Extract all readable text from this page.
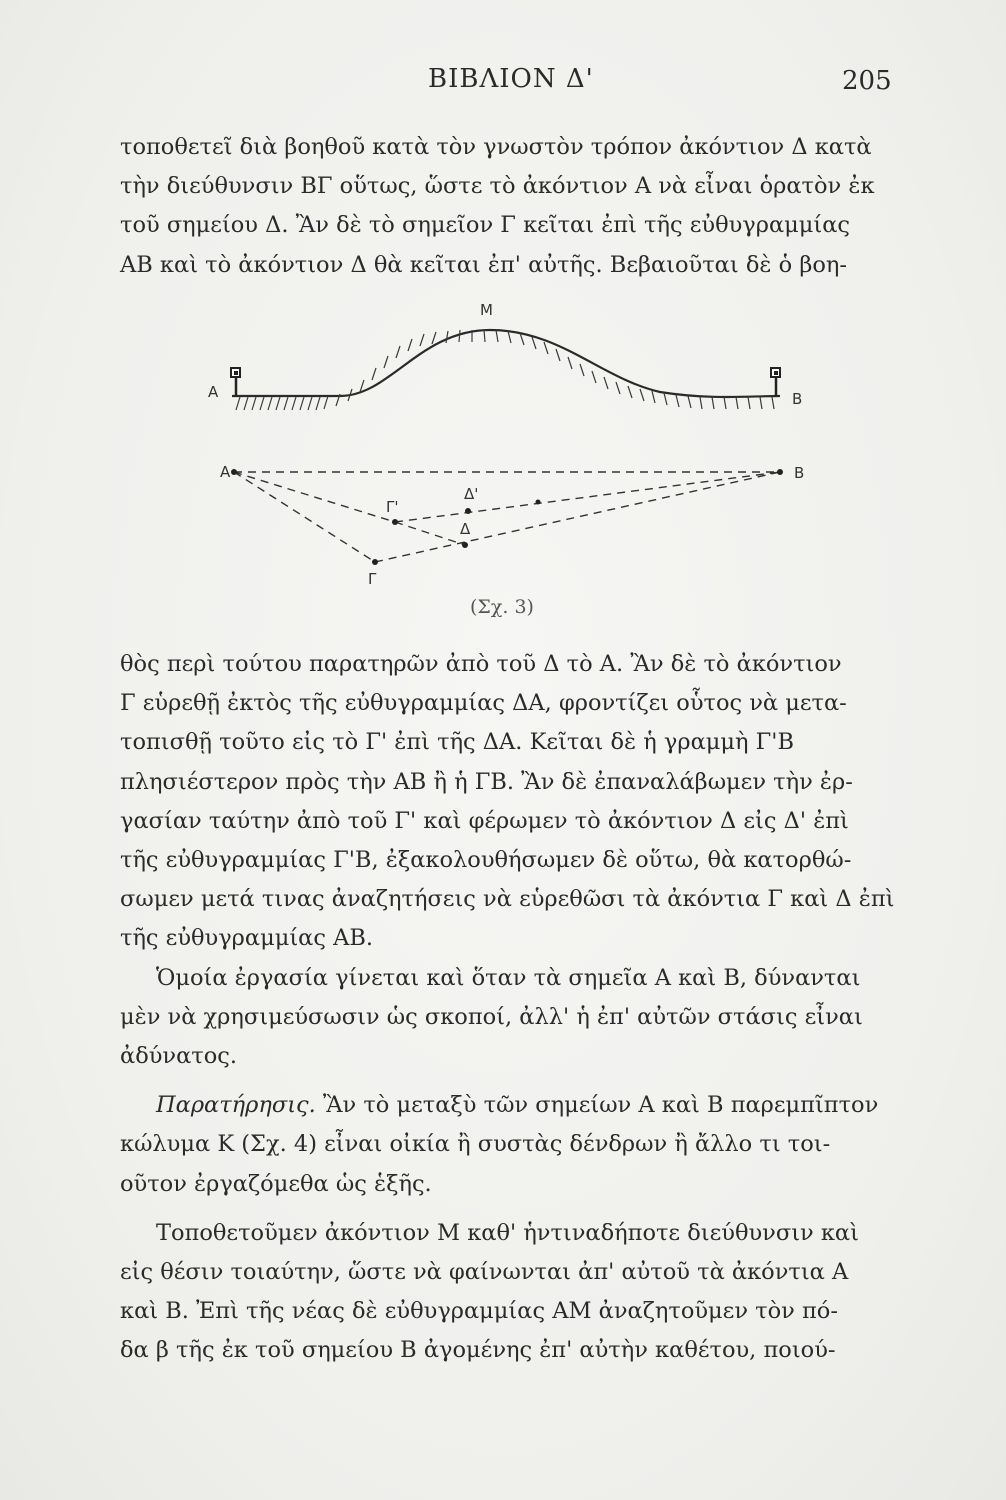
ΒΙΒΛΙΟΝ Δ'	205
τοποθετεῖ διὰ βοηθοῦ κατὰ τὸν γνωστὸν τρόπον ἀκόντιον Δ κατὰ
τὴν διεύθυνσιν ΒΓ οὕτως, ὥστε τὸ ἀκόντιον Α νὰ εἶναι ὁρατὸν ἐκ
τοῦ σημείου Δ. Ἂν δὲ τὸ σημεῖον Γ κεῖται ἐπὶ τῆς εὐθυγραμμίας
ΑΒ καὶ τὸ ἀκόντιον Δ θὰ κεῖται ἐπ' αὐτῆς. Βεβαιοῦται δὲ ὁ βοη-
M
A	B
A	B
Γ
Γ'
Δ
Δ'
(Σχ. 3)
θὸς περὶ τούτου παρατηρῶν ἀπὸ τοῦ Δ τὸ Α. Ἂν δὲ τὸ ἀκόντιον
Γ εὑρεθῇ ἐκτὸς τῆς εὐθυγραμμίας ΔΑ, φροντίζει οὗτος νὰ μετα-
τοπισθῇ τοῦτο εἰς τὸ Γ' ἐπὶ τῆς ΔΑ. Κεῖται δὲ ἡ γραμμὴ Γ'Β
πλησιέστερον πρὸς τὴν ΑΒ ἢ ἡ ΓΒ. Ἂν δὲ ἐπαναλάβωμεν τὴν ἐρ-
γασίαν ταύτην ἀπὸ τοῦ Γ' καὶ φέρωμεν τὸ ἀκόντιον Δ εἰς Δ' ἐπὶ
τῆς εὐθυγραμμίας Γ'Β, ἐξακολουθήσωμεν δὲ οὕτω, θὰ κατορθώ-
σωμεν μετά τινας ἀναζητήσεις νὰ εὑρεθῶσι τὰ ἀκόντια Γ καὶ Δ ἐπὶ
τῆς εὐθυγραμμίας ΑΒ.
Ὁμοία ἐργασία γίνεται καὶ ὅταν τὰ σημεῖα Α καὶ Β, δύνανται
μὲν νὰ χρησιμεύσωσιν ὡς σκοποί, ἀλλ' ἡ ἐπ' αὐτῶν στάσις εἶναι
ἀδύνατος.
Παρατήρησις. Ἂν τὸ μεταξὺ τῶν σημείων Α καὶ Β παρεμπῖπτον
κώλυμα Κ (Σχ. 4) εἶναι οἰκία ἢ συστὰς δένδρων ἢ ἄλλο τι τοι-
οῦτον ἐργαζόμεθα ὡς ἑξῆς.
Τοποθετοῦμεν ἀκόντιον Μ καθ' ἡντιναδήποτε διεύθυνσιν καὶ
εἰς θέσιν τοιαύτην, ὥστε νὰ φαίνωνται ἀπ' αὐτοῦ τὰ ἀκόντια Α
καὶ Β. Ἐπὶ τῆς νέας δὲ εὐθυγραμμίας ΑΜ ἀναζητοῦμεν τὸν πό-
δα β τῆς ἐκ τοῦ σημείου Β ἀγομένης ἐπ' αὐτὴν καθέτου, ποιού-
